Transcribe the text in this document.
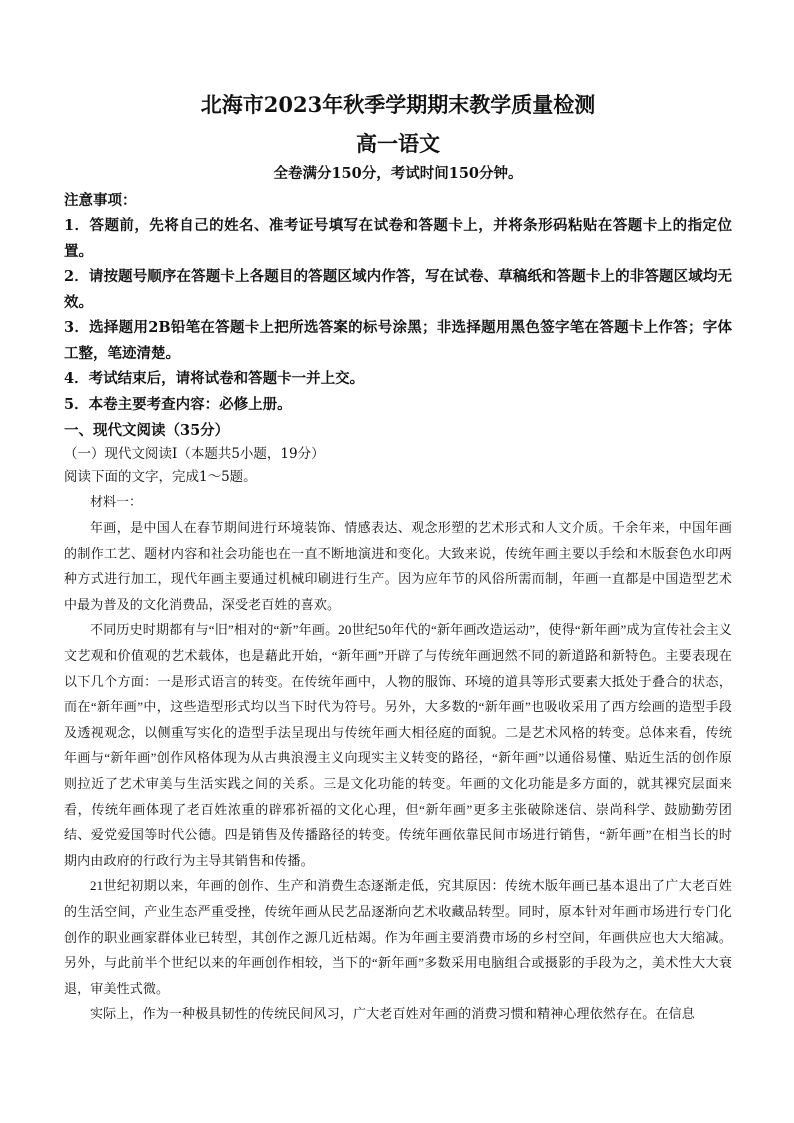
北海市2023年秋季学期期末教学质量检测
高一语文
全卷满分150分，考试时间150分钟。
注意事项：

1．答题前，先将自己的姓名、准考证号填写在试卷和答题卡上，并将条形码粘贴在答题卡上的指定位置。

2．请按题号顺序在答题卡上各题目的答题区域内作答，写在试卷、草稿纸和答题卡上的非答题区域均无效。

3．选择题用2B铅笔在答题卡上把所选答案的标号涂黑；非选择题用黑色签字笔在答题卡上作答；字体工整，笔迹清楚。

4．考试结束后，请将试卷和答题卡一并上交。

5．本卷主要考查内容：必修上册。

一、现代文阅读（35分）
（一）现代文阅读Ⅰ（本题共5小题，19分）
阅读下面的文字，完成1～5题。
材料一：

年画，是中国人在春节期间进行环境装饰、情感表达、观念形塑的艺术形式和人文介质。千余年来，中国年画的制作工艺、题材内容和社会功能也在一直不断地演进和变化。大致来说，传统年画主要以手绘和木版套色水印两种方式进行加工，现代年画主要通过机械印刷进行生产。因为应年节的风俗所需而制，年画一直都是中国造型艺术中最为普及的文化消费品，深受老百姓的喜欢。

不同历史时期都有与“旧”相对的“新”年画。20世纪50年代的“新年画改造运动”，使得“新年画”成为宣传社会主义文艺观和价值观的艺术载体，也是藉此开始，“新年画”开辟了与传统年画迥然不同的新道路和新特色。主要表现在以下几个方面：一是形式语言的转变。在传统年画中，人物的服饰、环境的道具等形式要素大抵处于叠合的状态，而在“新年画”中，这些造型形式均以当下时代为符号。另外，大多数的“新年画”也吸收采用了西方绘画的造型手段及透视观念，以侧重写实化的造型手法呈现出与传统年画大相径庭的面貌。二是艺术风格的转变。总体来看，传统年画与“新年画”创作风格体现为从古典浪漫主义向现实主义转变的路径，“新年画”以通俗易懂、贴近生活的创作原则拉近了艺术审美与生活实践之间的关系。三是文化功能的转变。年画的文化功能是多方面的，就其裸究层面来看，传统年画体现了老百姓浓重的辟邪祈福的文化心理，但“新年画”更多主张破除迷信、崇尚科学、鼓励勤劳团结、爱党爱国等时代公德。四是销售及传播路径的转变。传统年画依靠民间市场进行销售，“新年画”在相当长的时期内由政府的行政行为主导其销售和传播。

21世纪初期以来，年画的创作、生产和消费生态逐渐走低，究其原因：传统木版年画已基本退出了广大老百姓的生活空间，产业生态严重受挫，传统年画从民艺品逐渐向艺术收藏品转型。同时，原本针对年画市场进行专门化创作的职业画家群体业已转型，其创作之源几近枯竭。作为年画主要消费市场的乡村空间，年画供应也大大缩减。另外，与此前半个世纪以来的年画创作相较，当下的“新年画”多数采用电脑组合或摄影的手段为之，美术性大大衰退，审美性式微。

实际上，作为一种极具韧性的传统民间风习，广大老百姓对年画的消费习惯和精神心理依然存在。在信息
